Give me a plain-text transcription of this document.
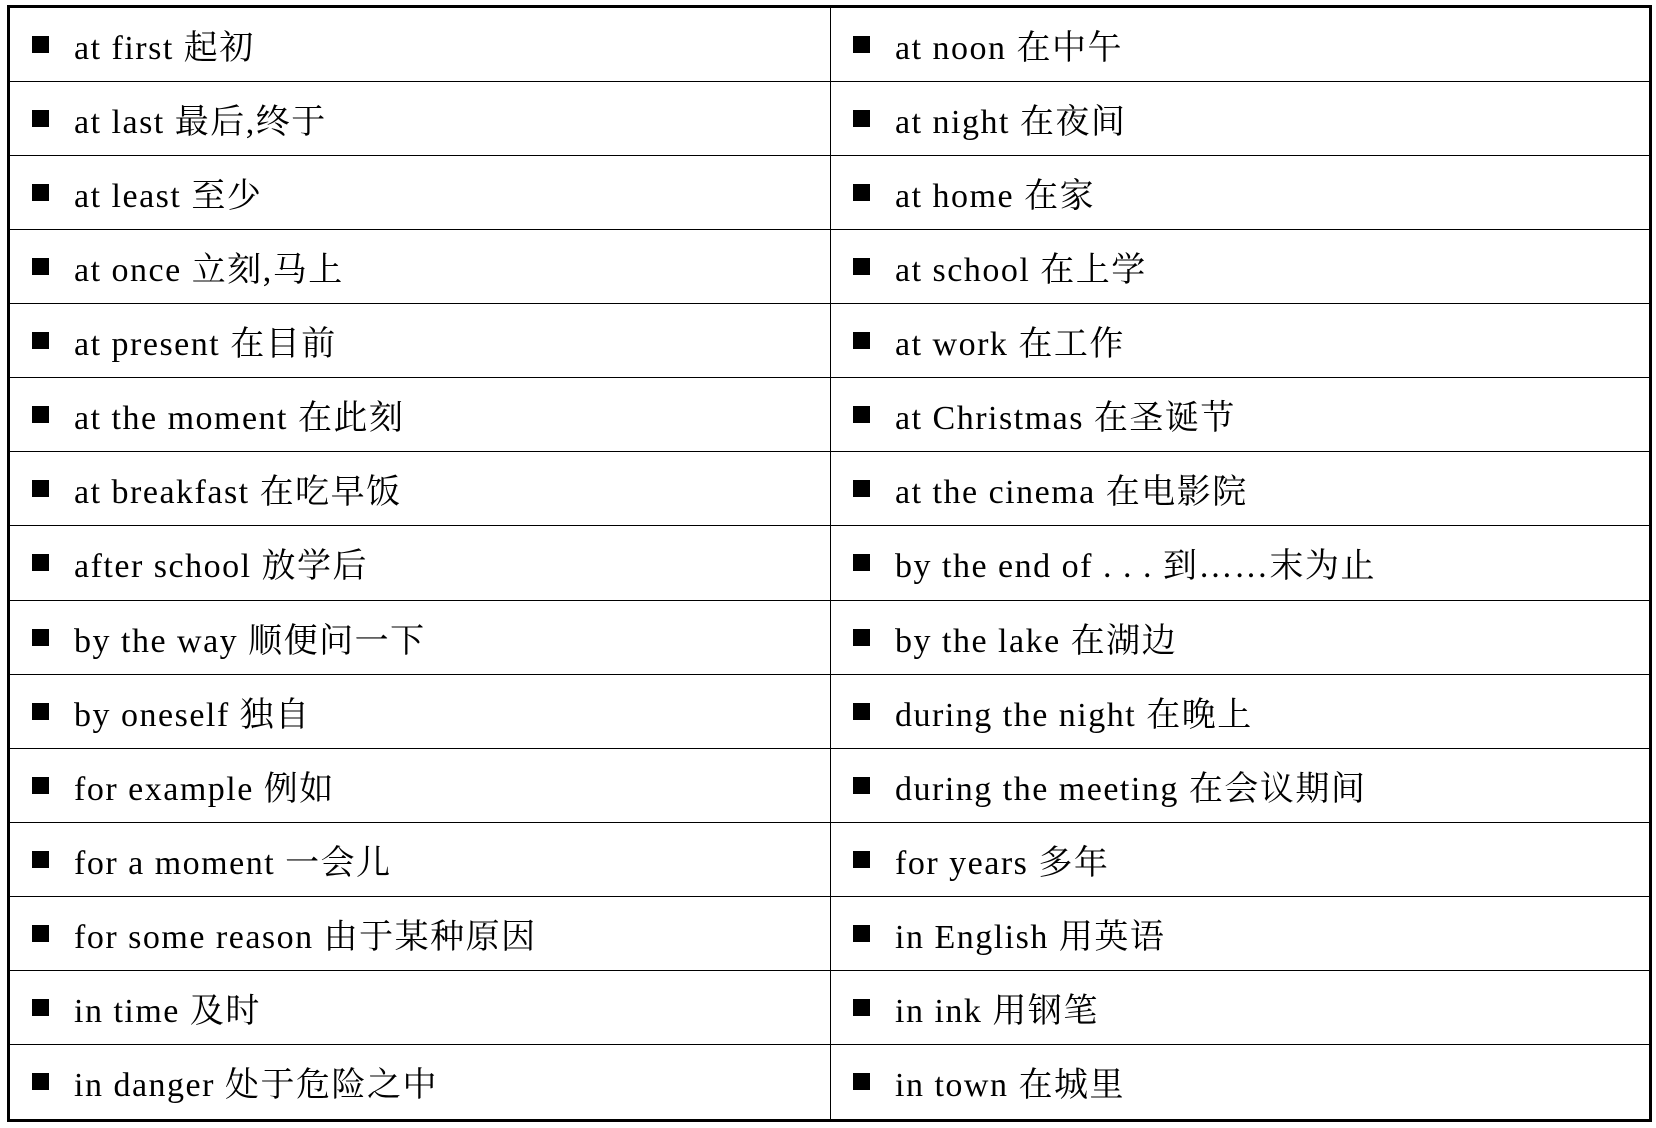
at first 起初	at noon 在中午
at last 最后,终于	at night 在夜间
at least 至少	at home 在家
at once 立刻,马上	at school 在上学
at present 在目前	at work 在工作
at the moment 在此刻	at Christmas 在圣诞节
at breakfast 在吃早饭	at the cinema 在电影院
after school 放学后	by the end of . . . 到……末为止
by the way 顺便问一下	by the lake 在湖边
by oneself 独自	during the night 在晚上
for example 例如	during the meeting 在会议期间
for a moment 一会儿	for years 多年
for some reason 由于某种原因	in English 用英语
in time 及时	in ink 用钢笔
in danger 处于危险之中	in town 在城里
